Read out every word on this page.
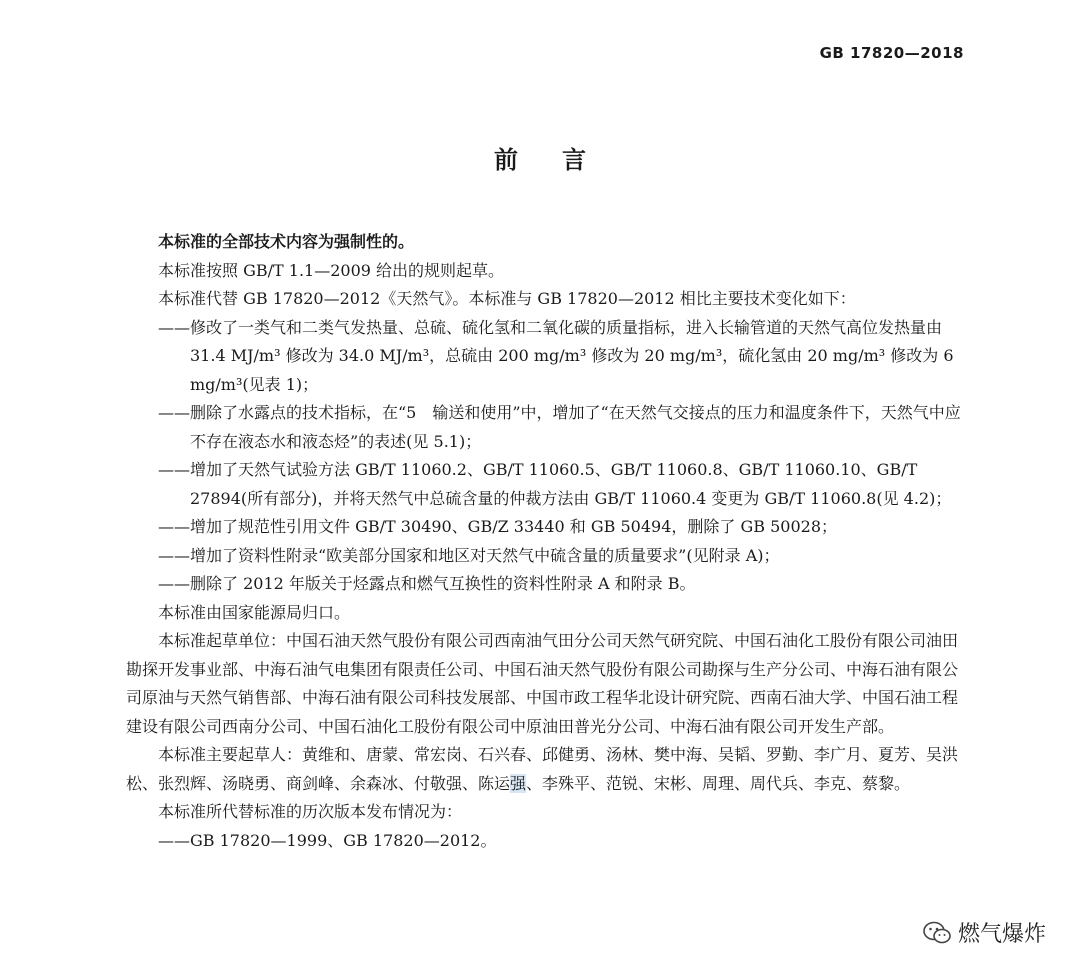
GB 17820—2018
前言

本标准的全部技术内容为强制性的。

本标准按照 GB/T 1.1—2009 给出的规则起草。

本标准代替 GB 17820—2012《天然气》。本标准与 GB 17820—2012 相比主要技术变化如下：

——修改了一类气和二类气发热量、总硫、硫化氢和二氧化碳的质量指标，进入长输管道的天然气高位发热量由 31.4 MJ/m³ 修改为 34.0 MJ/m³，总硫由 200 mg/m³ 修改为 20 mg/m³，硫化氢由 20 mg/m³ 修改为 6 mg/m³(见表 1)；

——删除了水露点的技术指标，在“5　输送和使用”中，增加了“在天然气交接点的压力和温度条件下，天然气中应不存在液态水和液态烃”的表述(见 5.1)；

——增加了天然气试验方法 GB/T 11060.2、GB/T 11060.5、GB/T 11060.8、GB/T 11060.10、GB/T 27894(所有部分)，并将天然气中总硫含量的仲裁方法由 GB/T 11060.4 变更为 GB/T 11060.8(见 4.2)；

——增加了规范性引用文件 GB/T 30490、GB/Z 33440 和 GB 50494，删除了 GB 50028；

——增加了资料性附录“欧美部分国家和地区对天然气中硫含量的质量要求”(见附录 A)；

——删除了 2012 年版关于烃露点和燃气互换性的资料性附录 A 和附录 B。

本标准由国家能源局归口。

本标准起草单位：中国石油天然气股份有限公司西南油气田分公司天然气研究院、中国石油化工股份有限公司油田勘探开发事业部、中海石油气电集团有限责任公司、中国石油天然气股份有限公司勘探与生产分公司、中海石油有限公司原油与天然气销售部、中海石油有限公司科技发展部、中国市政工程华北设计研究院、西南石油大学、中国石油工程建设有限公司西南分公司、中国石油化工股份有限公司中原油田普光分公司、中海石油有限公司开发生产部。

本标准主要起草人：黄维和、唐蒙、常宏岗、石兴春、邱健勇、汤林、樊中海、吴韬、罗勤、李广月、夏芳、吴洪松、张烈辉、汤晓勇、商剑峰、余森冰、付敬强、陈运强、李殊平、范锐、宋彬、周理、周代兵、李克、蔡黎。

本标准所代替标准的历次版本发布情况为：

——GB 17820—1999、GB 17820—2012。

燃气爆炸
